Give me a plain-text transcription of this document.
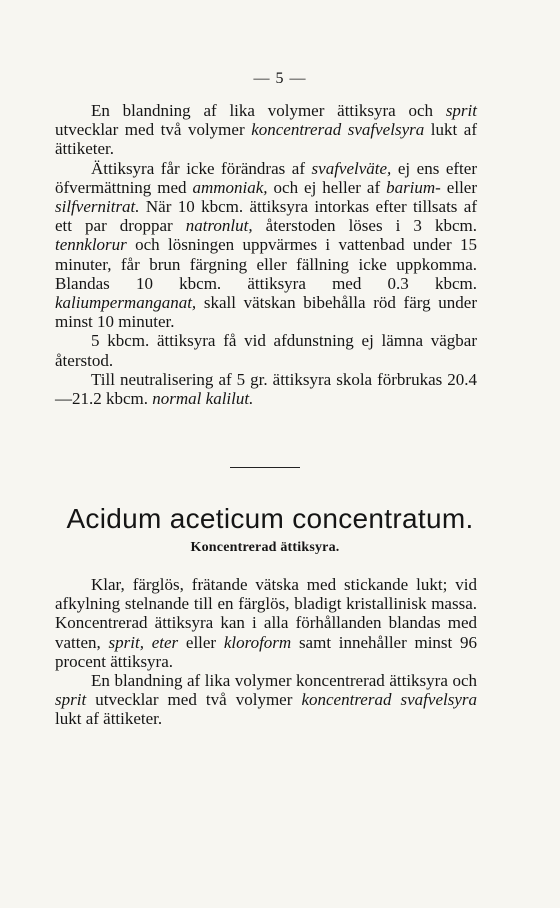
— 5 —

En blandning af lika volymer ättiksyra och sprit utvecklar med två volymer koncentrerad svafvelsyra lukt af ättiketer.

Ättiksyra får icke förändras af svafvelväte, ej ens efter öfvermättning med ammoniak, och ej heller af barium- eller silfvernitrat. När 10 kbcm. ättiksyra intorkas efter tillsats af ett par droppar natronlut, återstoden löses i 3 kbcm. tennklorur och lösningen uppvärmes i vattenbad under 15 minuter, får brun färgning eller fällning icke uppkomma. Blandas 10 kbcm. ättiksyra med 0.3 kbcm. kaliumpermanganat, skall vätskan bibehålla röd färg under minst 10 minuter.

5 kbcm. ättiksyra få vid afdunstning ej lämna vägbar återstod.

Till neutralisering af 5 gr. ättiksyra skola förbrukas 20.4—21.2 kbcm. normal kalilut.

Acidum aceticum concentratum.
Koncentrerad ättiksyra.

Klar, färglös, frätande vätska med stickande lukt; vid afkylning stelnande till en färglös, bladigt kristallinisk massa. Koncentrerad ättiksyra kan i alla förhållanden blandas med vatten, sprit, eter eller kloroform samt innehåller minst 96 procent ättiksyra.

En blandning af lika volymer koncentrerad ättiksyra och sprit utvecklar med två volymer koncentrerad svafvelsyra lukt af ättiketer.
